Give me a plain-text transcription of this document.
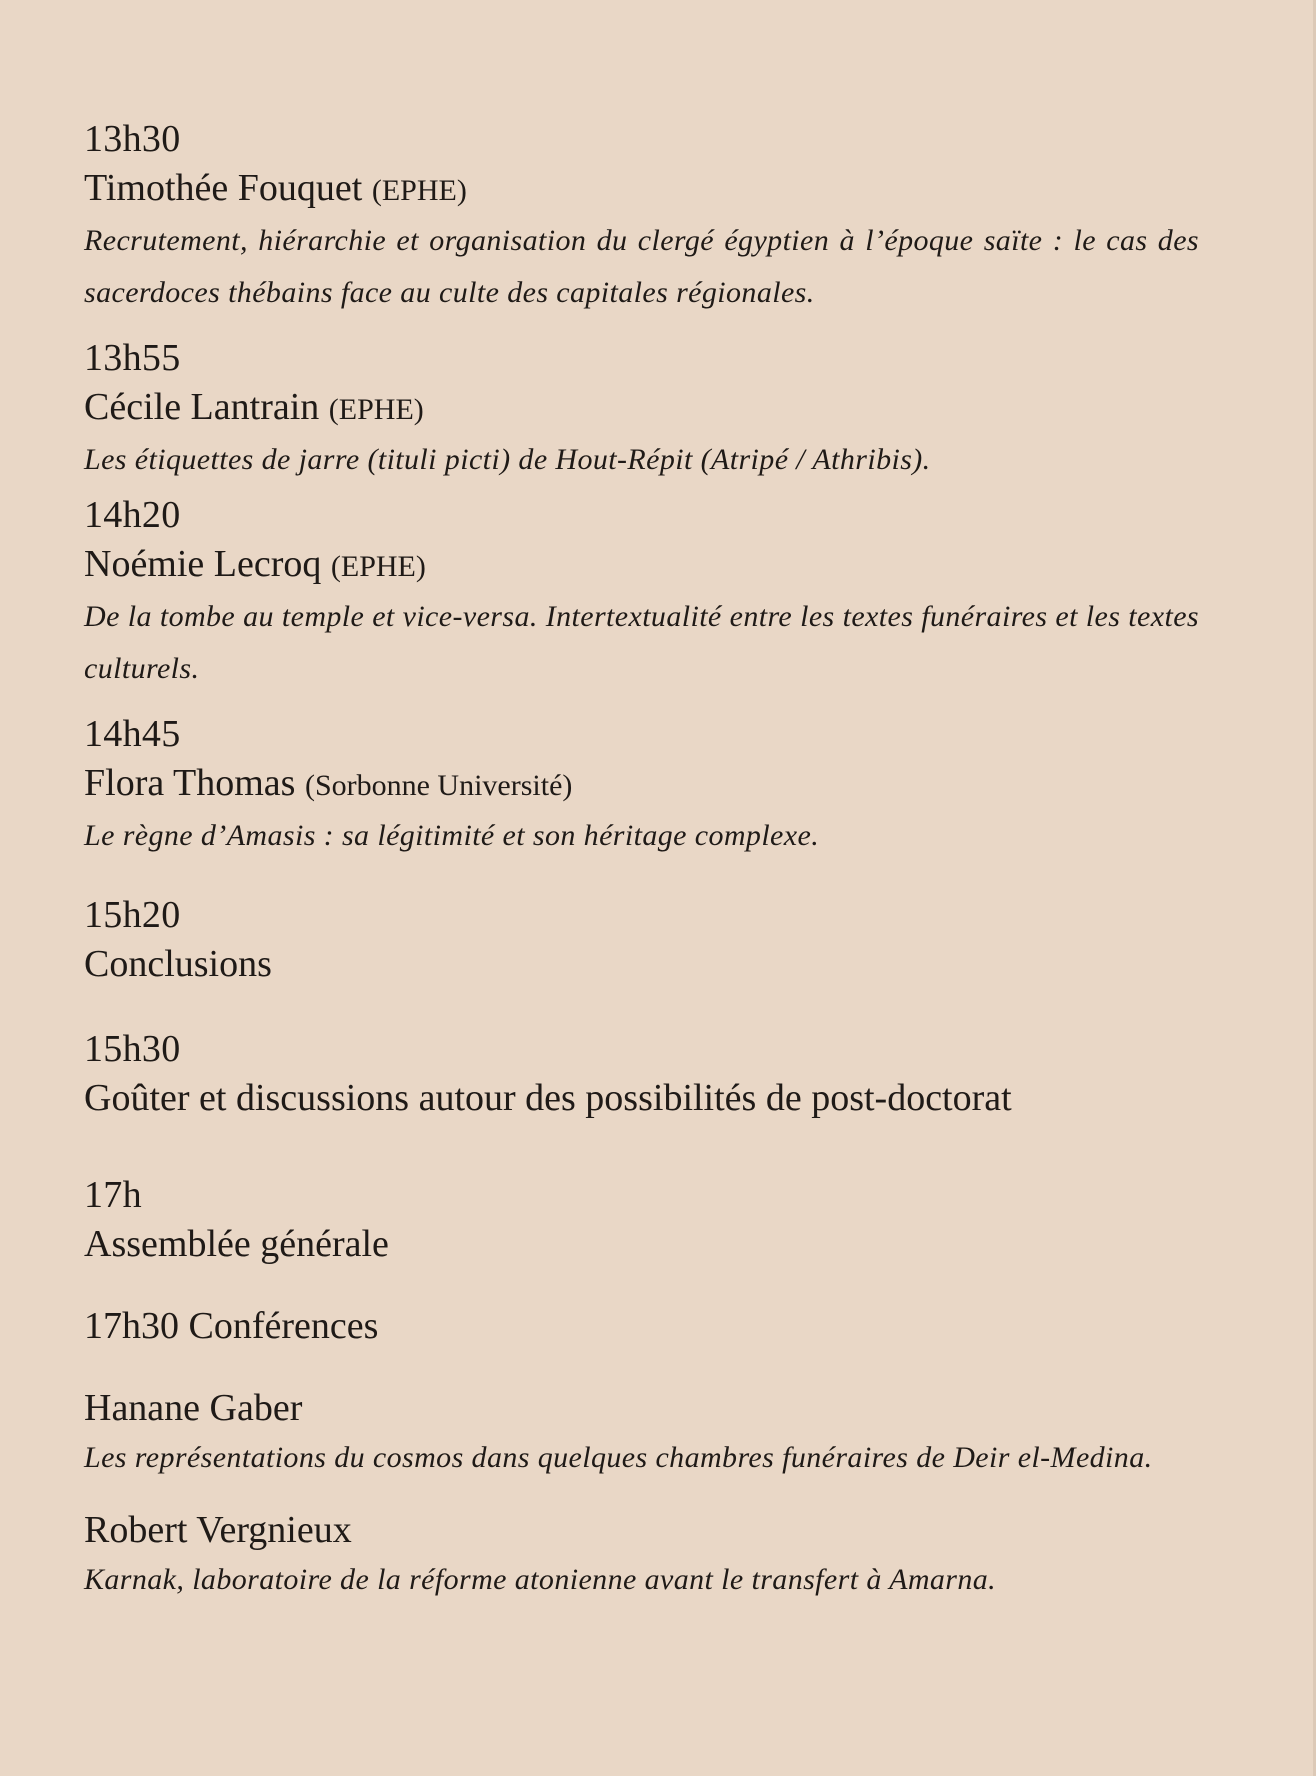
13h30
Timothée Fouquet (EPHE)
Recrutement, hiérarchie et organisation du clergé égyptien à l’époque saïte : le cas des sacerdoces thébains face au culte des capitales régionales.
13h55
Cécile Lantrain (EPHE)
Les étiquettes de jarre (tituli picti) de Hout-Répit (Atripé / Athribis).
14h20
Noémie Lecroq (EPHE)
De la tombe au temple et vice-versa. Intertextualité entre les textes funéraires et les textes culturels.
14h45
Flora Thomas (Sorbonne Université)
Le règne d’Amasis : sa légitimité et son héritage complexe.
15h20
Conclusions
15h30
Goûter et discussions autour des possibilités de post-doctorat
17h
Assemblée générale
17h30 Conférences
Hanane Gaber
Les représentations du cosmos dans quelques chambres funéraires de Deir el-Medina.
Robert Vergnieux
Karnak, laboratoire de la réforme atonienne avant le transfert à Amarna.
